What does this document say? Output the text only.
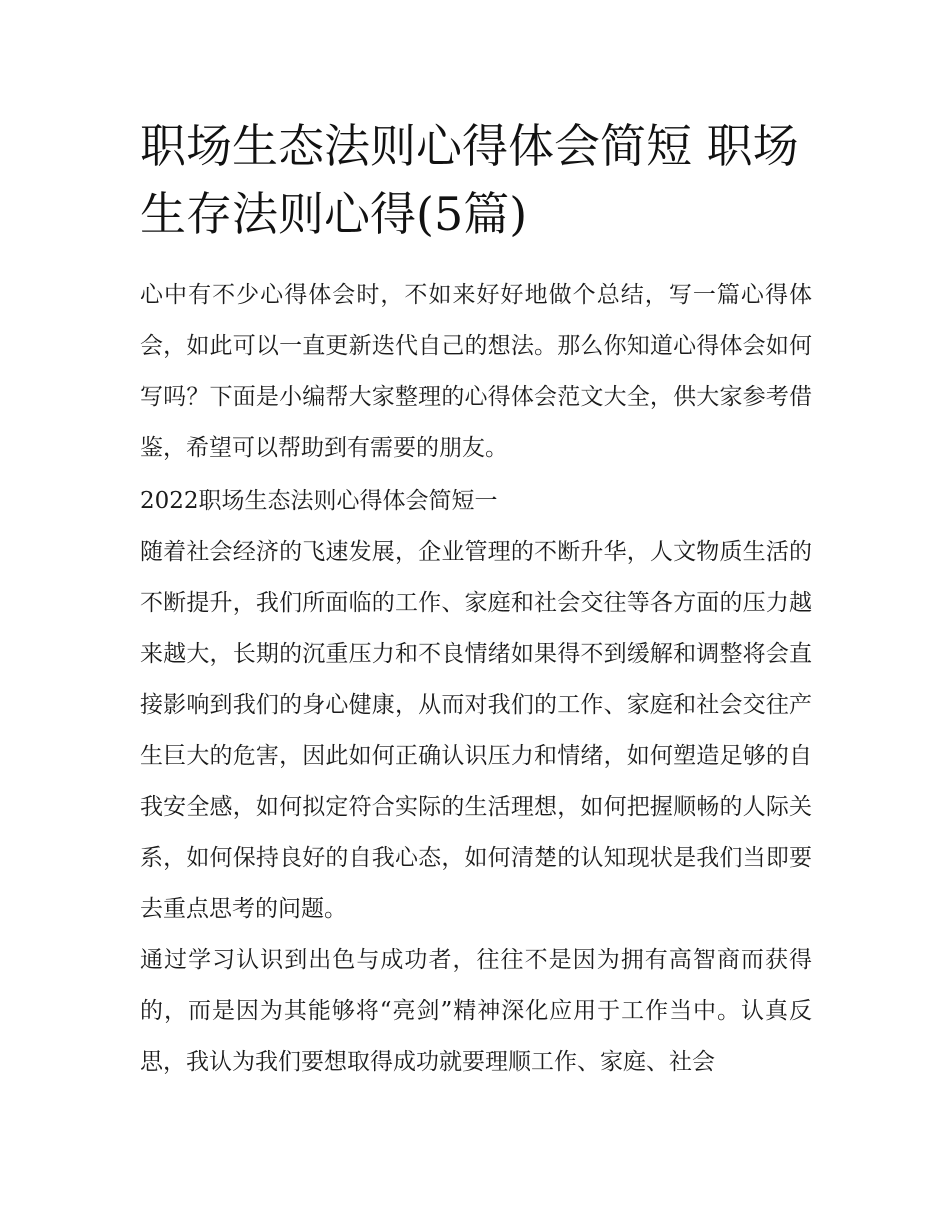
职场生态法则心得体会简短 职场生存法则心得(5篇)

心中有不少心得体会时，不如来好好地做个总结，写一篇心得体会，如此可以一直更新迭代自己的想法。那么你知道心得体会如何写吗？下面是小编帮大家整理的心得体会范文大全，供大家参考借鉴，希望可以帮助到有需要的朋友。

2022职场生态法则心得体会简短一

随着社会经济的飞速发展，企业管理的不断升华，人文物质生活的不断提升，我们所面临的工作、家庭和社会交往等各方面的压力越来越大，长期的沉重压力和不良情绪如果得不到缓解和调整将会直接影响到我们的身心健康，从而对我们的工作、家庭和社会交往产生巨大的危害，因此如何正确认识压力和情绪，如何塑造足够的自我安全感，如何拟定符合实际的生活理想，如何把握顺畅的人际关系，如何保持良好的自我心态，如何清楚的认知现状是我们当即要去重点思考的问题。

通过学习认识到出色与成功者，往往不是因为拥有高智商而获得的，而是因为其能够将“亮剑”精神深化应用于工作当中。认真反思，我认为我们要想取得成功就要理顺工作、家庭、社会
